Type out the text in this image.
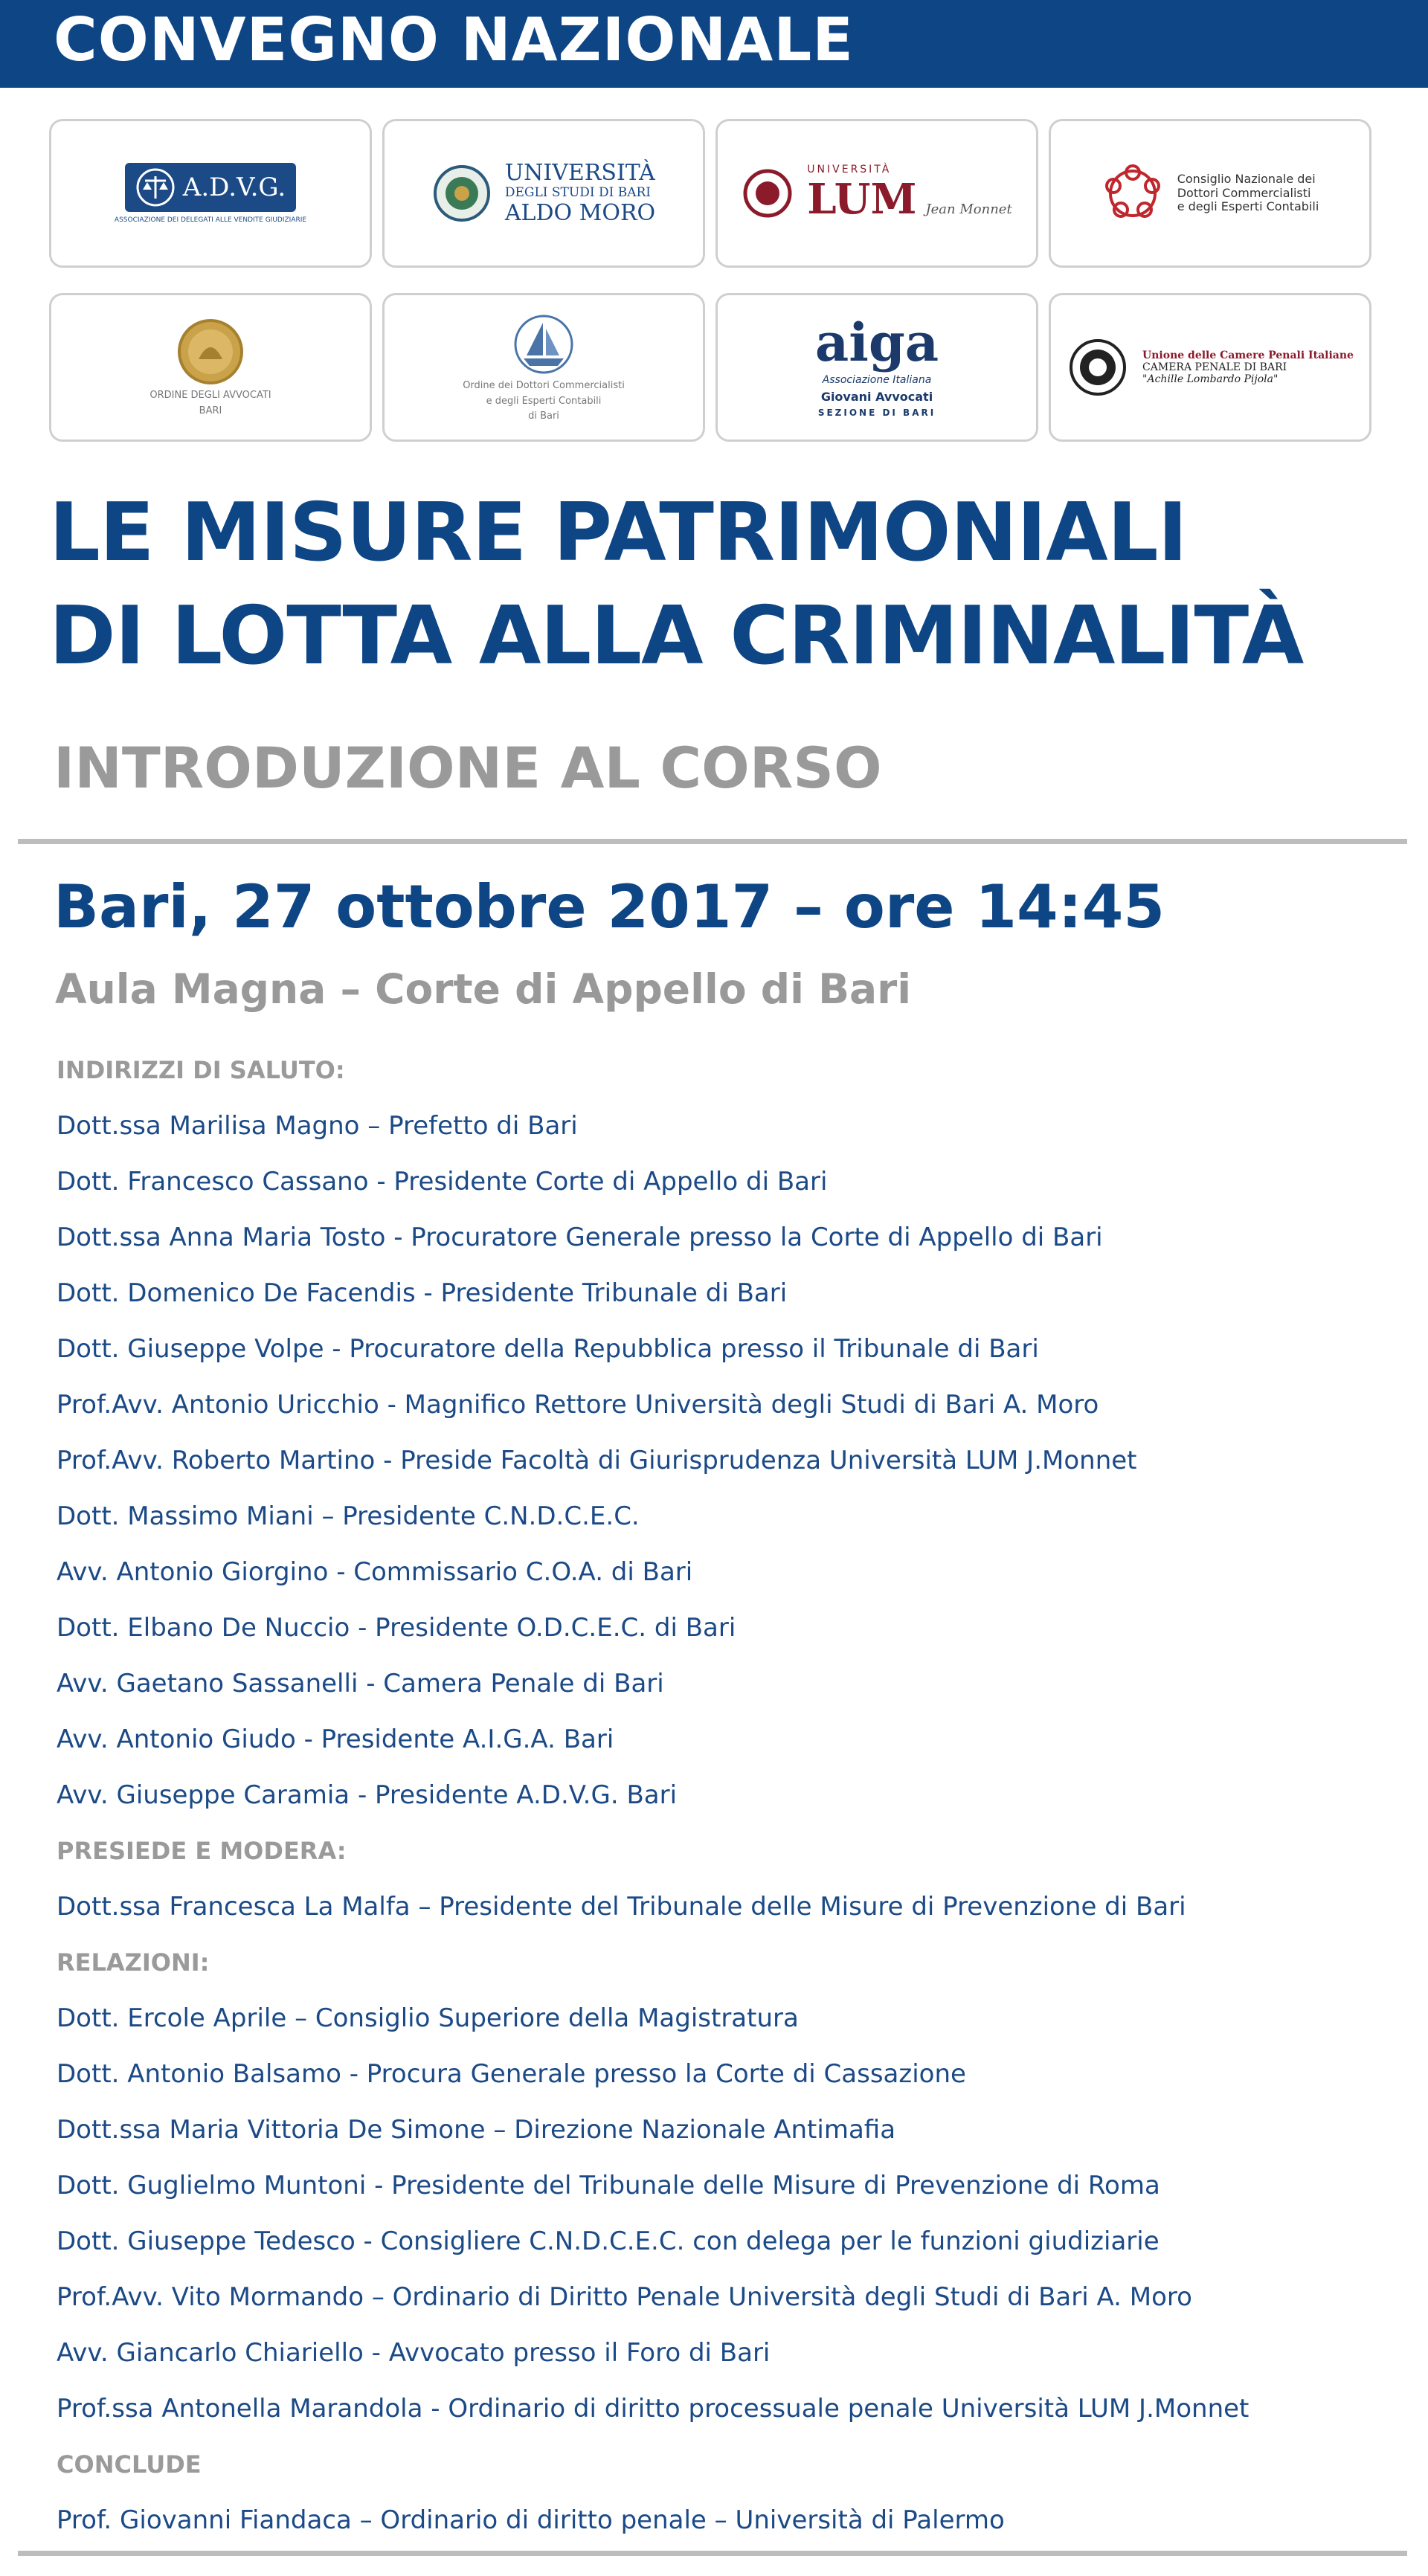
CONVEGNO NAZIONALE
A.D.V.G.
ASSOCIAZIONE DEI DELEGATI ALLE VENDITE GIUDIZIARIE
UNIVERSITÀ
DEGLI STUDI DI BARI
ALDO MORO
UNIVERSITÀ
LUM Jean Monnet
Consiglio Nazionale dei
Dottori Commercialisti
e degli Esperti Contabili
ORDINE DEGLI AVVOCATI
BARI
Ordine dei Dottori Commercialisti
e degli Esperti Contabili
di Bari
aiga
Associazione Italiana
Giovani Avvocati
SEZIONE DI BARI
Unione delle Camere Penali Italiane
CAMERA PENALE DI BARI
"Achille Lombardo Pijola"
LE MISURE PATRIMONIALI
DI LOTTA ALLA CRIMINALITÀ
INTRODUZIONE AL CORSO
Bari, 27 ottobre 2017 – ore 14:45
Aula Magna – Corte di Appello di Bari
INDIRIZZI DI SALUTO:
Dott.ssa Marilisa Magno – Prefetto di Bari
Dott. Francesco Cassano - Presidente Corte di Appello di Bari
Dott.ssa Anna Maria Tosto - Procuratore Generale presso la Corte di Appello di Bari
Dott. Domenico De Facendis - Presidente Tribunale di Bari
Dott. Giuseppe Volpe - Procuratore della Repubblica presso il Tribunale di Bari
Prof.Avv. Antonio Uricchio - Magnifico Rettore Università degli Studi di Bari A. Moro
Prof.Avv. Roberto Martino - Preside Facoltà di Giurisprudenza Università LUM J.Monnet
Dott. Massimo Miani – Presidente C.N.D.C.E.C.
Avv. Antonio Giorgino - Commissario C.O.A. di Bari
Dott. Elbano De Nuccio - Presidente O.D.C.E.C. di Bari
Avv. Gaetano Sassanelli - Camera Penale di Bari
Avv. Antonio Giudo - Presidente A.I.G.A. Bari
Avv. Giuseppe Caramia - Presidente A.D.V.G. Bari
PRESIEDE E MODERA:
Dott.ssa Francesca La Malfa – Presidente del Tribunale delle Misure di Prevenzione di Bari
RELAZIONI:
Dott. Ercole Aprile – Consiglio Superiore della Magistratura
Dott. Antonio Balsamo - Procura Generale presso la Corte di Cassazione
Dott.ssa Maria Vittoria De Simone – Direzione Nazionale Antimafia
Dott. Guglielmo Muntoni - Presidente del Tribunale delle Misure di Prevenzione di Roma
Dott. Giuseppe Tedesco - Consigliere C.N.D.C.E.C. con delega per le funzioni giudiziarie
Prof.Avv. Vito Mormando – Ordinario di Diritto Penale Università degli Studi di Bari A. Moro
Avv. Giancarlo Chiariello - Avvocato presso il Foro di Bari
Prof.ssa Antonella Marandola - Ordinario di diritto processuale penale Università LUM J.Monnet
CONCLUDE
Prof. Giovanni Fiandaca – Ordinario di diritto penale – Università di Palermo
